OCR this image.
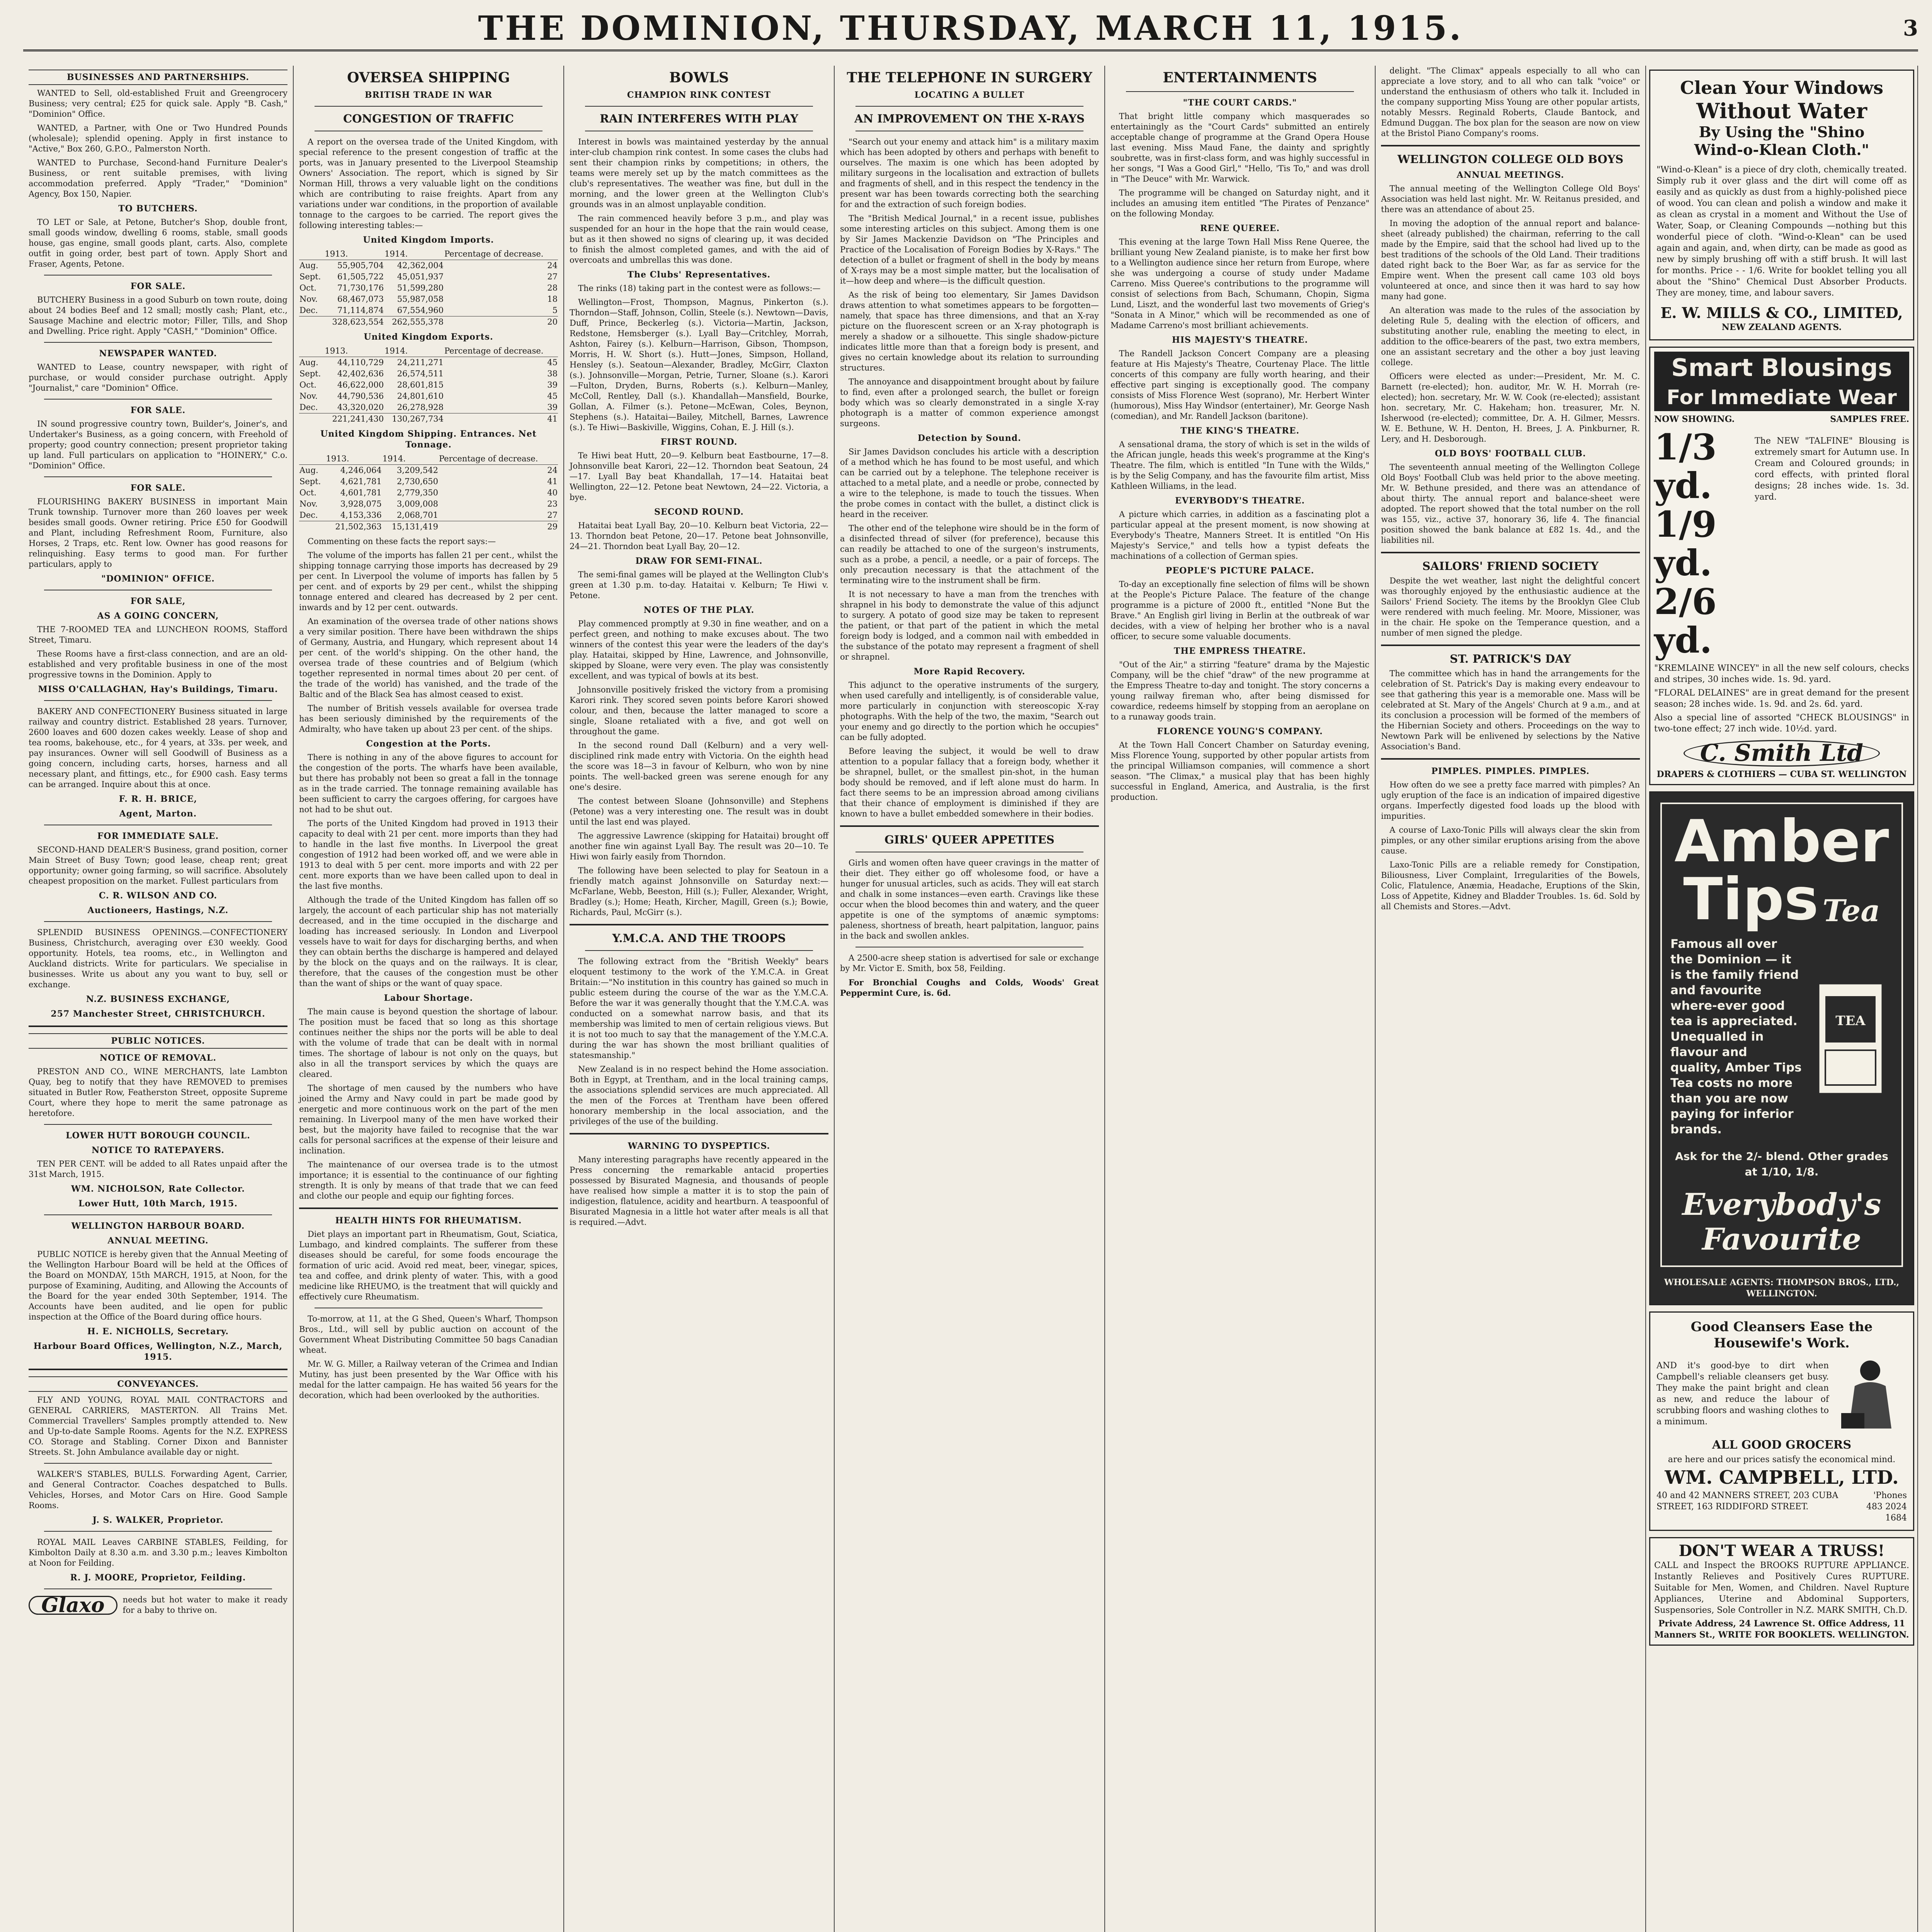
THE DOMINION, THURSDAY, MARCH 11, 1915.	3
BUSINESSES AND PARTNERSHIPS.

WANTED to Sell, old-established Fruit and Greengrocery Business; very central; £25 for quick sale. Apply "B. Cash," "Dominion" Office.

WANTED, a Partner, with One or Two Hundred Pounds (wholesale); splendid opening. Apply in first instance to "Active," Box 260, G.P.O., Palmerston North.

WANTED to Purchase, Second-hand Furniture Dealer's Business, or rent suitable premises, with living accommodation preferred. Apply "Trader," "Dominion" Agency, Box 150, Napier.

TO BUTCHERS.

TO LET or Sale, at Petone, Butcher's Shop, double front, small goods window, dwelling 6 rooms, stable, small goods house, gas engine, small goods plant, carts. Also, complete outfit in going order, best part of town. Apply Short and Fraser, Agents, Petone.

FOR SALE.

BUTCHERY Business in a good Suburb on town route, doing about 24 bodies Beef and 12 small; mostly cash; Plant, etc., Sausage Machine and electric motor; Filler, Tills, and Shop and Dwelling. Price right. Apply "CASH," "Dominion" Office.

NEWSPAPER WANTED.

WANTED to Lease, country newspaper, with right of purchase, or would consider purchase outright. Apply "Journalist," care "Dominion" Office.

FOR SALE.

IN sound progressive country town, Builder's, Joiner's, and Undertaker's Business, as a going concern, with Freehold of property; good country connection; present proprietor taking up land. Full particulars on application to "HOINERY," C.o. "Dominion" Office.

FOR SALE.

FLOURISHING BAKERY BUSINESS in important Main Trunk township. Turnover more than 260 loaves per week besides small goods. Owner retiring. Price £50 for Goodwill and Plant, including Refreshment Room, Furniture, also Horses, 2 Traps, etc. Rent low. Owner has good reasons for relinquishing. Easy terms to good man. For further particulars, apply to

"DOMINION" OFFICE.
FOR SALE,
AS A GOING CONCERN,

THE 7-ROOMED TEA and LUNCHEON ROOMS, Stafford Street, Timaru.

These Rooms have a first-class connection, and are an old-established and very profitable business in one of the most progressive towns in the Dominion. Apply to

MISS O'CALLAGHAN, Hay's Buildings, Timaru.

BAKERY AND CONFECTIONERY Business situated in large railway and country district. Established 28 years. Turnover, 2600 loaves and 600 dozen cakes weekly. Lease of shop and tea rooms, bakehouse, etc., for 4 years, at 33s. per week, and pay insurances. Owner will sell Goodwill of Business as a going concern, including carts, horses, harness and all necessary plant, and fittings, etc., for £900 cash. Easy terms can be arranged. Inquire about this at once.

F. R. H. BRICE,
Agent, Marton.
FOR IMMEDIATE SALE.

SECOND-HAND DEALER'S Business, grand position, corner Main Street of Busy Town; good lease, cheap rent; great opportunity; owner going farming, so will sacrifice. Absolutely cheapest proposition on the market. Fullest particulars from

C. R. WILSON AND CO.
Auctioneers, Hastings, N.Z.

SPLENDID BUSINESS OPENINGS.—CONFECTIONERY Business, Christchurch, averaging over £30 weekly. Good opportunity. Hotels, tea rooms, etc., in Wellington and Auckland districts. Write for particulars. We specialise in businesses. Write us about any you want to buy, sell or exchange.

N.Z. BUSINESS EXCHANGE,
257 Manchester Street, CHRISTCHURCH.
PUBLIC NOTICES.
NOTICE OF REMOVAL.

PRESTON AND CO., WINE MERCHANTS, late Lambton Quay, beg to notify that they have REMOVED to premises situated in Butler Row, Featherston Street, opposite Supreme Court, where they hope to merit the same patronage as heretofore.

LOWER HUTT BOROUGH COUNCIL.
NOTICE TO RATEPAYERS.

TEN PER CENT. will be added to all Rates unpaid after the 31st March, 1915.

WM. NICHOLSON, Rate Collector.
Lower Hutt, 10th March, 1915.
WELLINGTON HARBOUR BOARD.
ANNUAL MEETING.

PUBLIC NOTICE is hereby given that the Annual Meeting of the Wellington Harbour Board will be held at the Offices of the Board on MONDAY, 15th MARCH, 1915, at Noon, for the purpose of Examining, Auditing, and Allowing the Accounts of the Board for the year ended 30th September, 1914. The Accounts have been audited, and lie open for public inspection at the Office of the Board during office hours.

H. E. NICHOLLS, Secretary.
Harbour Board Offices, Wellington, N.Z., March, 1915.
CONVEYANCES.

FLY AND YOUNG, ROYAL MAIL CONTRACTORS and GENERAL CARRIERS, MASTERTON. All Trains Met. Commercial Travellers' Samples promptly attended to. New and Up-to-date Sample Rooms. Agents for the N.Z. EXPRESS CO. Storage and Stabling. Corner Dixon and Bannister Streets. St. John Ambulance available day or night.

WALKER'S STABLES, BULLS. Forwarding Agent, Carrier, and General Contractor. Coaches despatched to Bulls. Vehicles, Horses, and Motor Cars on Hire. Good Sample Rooms.

J. S. WALKER, Proprietor.

ROYAL MAIL Leaves CARBINE STABLES, Feilding, for Kimbolton Daily at 8.30 a.m. and 3.30 p.m.; leaves Kimbolton at Noon for Feilding.

R. J. MOORE, Proprietor, Feilding.
Glaxo	needs but hot water to make it ready for a baby to thrive on.
OVERSEA SHIPPING
BRITISH TRADE IN WAR
CONGESTION OF TRAFFIC

A report on the oversea trade of the United Kingdom, with special reference to the present congestion of traffic at the ports, was in January presented to the Liverpool Steamship Owners' Association. The report, which is signed by Sir Norman Hill, throws a very valuable light on the conditions which are contributing to raise freights. Apart from any variations under war conditions, in the proportion of available tonnage to the cargoes to be carried. The report gives the following interesting tables:—

United Kingdom Imports.
	1913.	1914.	Percentage of decrease.
Aug.	55,905,704	42,362,004	24
Sept.	61,505,722	45,051,937	27
Oct.	71,730,176	51,599,280	28
Nov.	68,467,073	55,987,058	18
Dec.	71,114,874	67,554,960	5
	328,623,554	262,555,378	20
United Kingdom Exports.
	1913.	1914.	Percentage of decrease.
Aug.	44,110,729	24,211,271	45
Sept.	42,402,636	26,574,511	38
Oct.	46,622,000	28,601,815	39
Nov.	44,790,536	24,801,610	45
Dec.	43,320,020	26,278,928	39
	221,241,430	130,267,734	41
United Kingdom Shipping. Entrances. Net Tonnage.
	1913.	1914.	Percentage of decrease.
Aug.	4,246,064	3,209,542	24
Sept.	4,621,781	2,730,650	41
Oct.	4,601,781	2,779,350	40
Nov.	3,928,075	3,009,008	23
Dec.	4,153,336	2,068,701	27
	21,502,363	15,131,419	29

Commenting on these facts the report says:—

The volume of the imports has fallen 21 per cent., whilst the shipping tonnage carrying those imports has decreased by 29 per cent. In Liverpool the volume of imports has fallen by 5 per cent. and of exports by 29 per cent., whilst the shipping tonnage entered and cleared has decreased by 2 per cent. inwards and by 12 per cent. outwards.

An examination of the oversea trade of other nations shows a very similar position. There have been withdrawn the ships of Germany, Austria, and Hungary, which represent about 14 per cent. of the world's shipping. On the other hand, the oversea trade of these countries and of Belgium (which together represented in normal times about 20 per cent. of the trade of the world) has vanished, and the trade of the Baltic and of the Black Sea has almost ceased to exist.

The number of British vessels available for oversea trade has been seriously diminished by the requirements of the Admiralty, who have taken up about 23 per cent. of the ships.

Congestion at the Ports.

There is nothing in any of the above figures to account for the congestion of the ports. The wharfs have been available, but there has probably not been so great a fall in the tonnage as in the trade carried. The tonnage remaining available has been sufficient to carry the cargoes offering, for cargoes have not had to be shut out.

The ports of the United Kingdom had proved in 1913 their capacity to deal with 21 per cent. more imports than they had to handle in the last five months. In Liverpool the great congestion of 1912 had been worked off, and we were able in 1913 to deal with 5 per cent. more imports and with 22 per cent. more exports than we have been called upon to deal in the last five months.

Although the trade of the United Kingdom has fallen off so largely, the account of each particular ship has not materially decreased, and in the time occupied in the discharge and loading has increased seriously. In London and Liverpool vessels have to wait for days for discharging berths, and when they can obtain berths the discharge is hampered and delayed by the block on the quays and on the railways. It is clear, therefore, that the causes of the congestion must be other than the want of ships or the want of quay space.

Labour Shortage.

The main cause is beyond question the shortage of labour. The position must be faced that so long as this shortage continues neither the ships nor the ports will be able to deal with the volume of trade that can be dealt with in normal times. The shortage of labour is not only on the quays, but also in all the transport services by which the quays are cleared.

The shortage of men caused by the numbers who have joined the Army and Navy could in part be made good by energetic and more continuous work on the part of the men remaining. In Liverpool many of the men have worked their best, but the majority have failed to recognise that the war calls for personal sacrifices at the expense of their leisure and inclination.

The maintenance of our oversea trade is to the utmost importance; it is essential to the continuance of our fighting strength. It is only by means of that trade that we can feed and clothe our people and equip our fighting forces.

HEALTH HINTS FOR RHEUMATISM.

Diet plays an important part in Rheumatism, Gout, Sciatica, Lumbago, and kindred complaints. The sufferer from these diseases should be careful, for some foods encourage the formation of uric acid. Avoid red meat, beer, vinegar, spices, tea and coffee, and drink plenty of water. This, with a good medicine like RHEUMO, is the treatment that will quickly and effectively cure Rheumatism.

To-morrow, at 11, at the G Shed, Queen's Wharf, Thompson Bros., Ltd., will sell by public auction on account of the Government Wheat Distributing Committee 50 bags Canadian wheat.

Mr. W. G. Miller, a Railway veteran of the Crimea and Indian Mutiny, has just been presented by the War Office with his medal for the latter campaign. He has waited 56 years for the decoration, which had been overlooked by the authorities.

BOWLS
CHAMPION RINK CONTEST
RAIN INTERFERES WITH PLAY

Interest in bowls was maintained yesterday by the annual inter-club champion rink contest. In some cases the clubs had sent their champion rinks by competitions; in others, the teams were merely set up by the match committees as the club's representatives. The weather was fine, but dull in the morning, and the lower green at the Wellington Club's grounds was in an almost unplayable condition.

The rain commenced heavily before 3 p.m., and play was suspended for an hour in the hope that the rain would cease, but as it then showed no signs of clearing up, it was decided to finish the almost completed games, and with the aid of overcoats and umbrellas this was done.

The Clubs' Representatives.

The rinks (18) taking part in the contest were as follows:—

Wellington—Frost, Thompson, Magnus, Pinkerton (s.). Thorndon—Staff, Johnson, Collin, Steele (s.). Newtown—Davis, Duff, Prince, Beckerleg (s.). Victoria—Martin, Jackson, Redstone, Hemsberger (s.). Lyall Bay—Critchley, Morrah, Ashton, Fairey (s.). Kelburn—Harrison, Gibson, Thompson, Morris, H. W. Short (s.). Hutt—Jones, Simpson, Holland, Hensley (s.). Seatoun—Alexander, Bradley, McGirr, Claxton (s.). Johnsonville—Morgan, Petrie, Turner, Sloane (s.). Karori—Fulton, Dryden, Burns, Roberts (s.). Kelburn—Manley, McColl, Rentley, Dall (s.). Khandallah—Mansfield, Bourke, Gollan, A. Filmer (s.). Petone—McEwan, Coles, Beynon, Stephens (s.). Hataitai—Bailey, Mitchell, Barnes, Lawrence (s.). Te Hiwi—Baskiville, Wiggins, Cohan, E. J. Hill (s.).

FIRST ROUND.

Te Hiwi beat Hutt, 20—9. Kelburn beat Eastbourne, 17—8. Johnsonville beat Karori, 22—12. Thorndon beat Seatoun, 24—17. Lyall Bay beat Khandallah, 17—14. Hataitai beat Wellington, 22—12. Petone beat Newtown, 24—22. Victoria, a bye.

SECOND ROUND.

Hataitai beat Lyall Bay, 20—10. Kelburn beat Victoria, 22—13. Thorndon beat Petone, 20—17. Petone beat Johnsonville, 24—21. Thorndon beat Lyall Bay, 20—12.

DRAW FOR SEMI-FINAL.

The semi-final games will be played at the Wellington Club's green at 1.30 p.m. to-day. Hataitai v. Kelburn; Te Hiwi v. Petone.

NOTES OF THE PLAY.

Play commenced promptly at 9.30 in fine weather, and on a perfect green, and nothing to make excuses about. The two winners of the contest this year were the leaders of the day's play. Hataitai, skipped by Hine, Lawrence, and Johnsonville, skipped by Sloane, were very even. The play was consistently excellent, and was typical of bowls at its best.

Johnsonville positively frisked the victory from a promising Karori rink. They scored seven points before Karori showed colour, and then, because the latter managed to score a single, Sloane retaliated with a five, and got well on throughout the game.

In the second round Dall (Kelburn) and a very well-disciplined rink made entry with Victoria. On the eighth head the score was 18—3 in favour of Kelburn, who won by nine points. The well-backed green was serene enough for any one's desire.

The contest between Sloane (Johnsonville) and Stephens (Petone) was a very interesting one. The result was in doubt until the last end was played.

The aggressive Lawrence (skipping for Hataitai) brought off another fine win against Lyall Bay. The result was 20—10. Te Hiwi won fairly easily from Thorndon.

The following have been selected to play for Seatoun in a friendly match against Johnsonville on Saturday next:—McFarlane, Webb, Beeston, Hill (s.); Fuller, Alexander, Wright, Bradley (s.); Home; Heath, Kircher, Magill, Green (s.); Bowie, Richards, Paul, McGirr (s.).

Y.M.C.A. AND THE TROOPS

The following extract from the "British Weekly" bears eloquent testimony to the work of the Y.M.C.A. in Great Britain:—"No institution in this country has gained so much in public esteem during the course of the war as the Y.M.C.A. Before the war it was generally thought that the Y.M.C.A. was conducted on a somewhat narrow basis, and that its membership was limited to men of certain religious views. But it is not too much to say that the management of the Y.M.C.A. during the war has shown the most brilliant qualities of statesmanship."

New Zealand is in no respect behind the Home association. Both in Egypt, at Trentham, and in the local training camps, the associations splendid services are much appreciated. All the men of the Forces at Trentham have been offered honorary membership in the local association, and the privileges of the use of the building.

WARNING TO DYSPEPTICS.

Many interesting paragraphs have recently appeared in the Press concerning the remarkable antacid properties possessed by Bisurated Magnesia, and thousands of people have realised how simple a matter it is to stop the pain of indigestion, flatulence, acidity and heartburn. A teaspoonful of Bisurated Magnesia in a little hot water after meals is all that is required.—Advt.

THE TELEPHONE IN SURGERY
LOCATING A BULLET
AN IMPROVEMENT ON THE X-RAYS

"Search out your enemy and attack him" is a military maxim which has been adopted by others and perhaps with benefit to ourselves. The maxim is one which has been adopted by military surgeons in the localisation and extraction of bullets and fragments of shell, and in this respect the tendency in the present war has been towards correcting both the searching for and the extraction of such foreign bodies.

The "British Medical Journal," in a recent issue, publishes some interesting articles on this subject. Among them is one by Sir James Mackenzie Davidson on "The Principles and Practice of the Localisation of Foreign Bodies by X-Rays." The detection of a bullet or fragment of shell in the body by means of X-rays may be a most simple matter, but the localisation of it—how deep and where—is the difficult question.

As the risk of being too elementary, Sir James Davidson draws attention to what sometimes appears to be forgotten—namely, that space has three dimensions, and that an X-ray picture on the fluorescent screen or an X-ray photograph is merely a shadow or a silhouette. This single shadow-picture indicates little more than that a foreign body is present, and gives no certain knowledge about its relation to surrounding structures.

The annoyance and disappointment brought about by failure to find, even after a prolonged search, the bullet or foreign body which was so clearly demonstrated in a single X-ray photograph is a matter of common experience amongst surgeons.

Detection by Sound.

Sir James Davidson concludes his article with a description of a method which he has found to be most useful, and which can be carried out by a telephone. The telephone receiver is attached to a metal plate, and a needle or probe, connected by a wire to the telephone, is made to touch the tissues. When the probe comes in contact with the bullet, a distinct click is heard in the receiver.

The other end of the telephone wire should be in the form of a disinfected thread of silver (for preference), because this can readily be attached to one of the surgeon's instruments, such as a probe, a pencil, a needle, or a pair of forceps. The only precaution necessary is that the attachment of the terminating wire to the instrument shall be firm.

It is not necessary to have a man from the trenches with shrapnel in his body to demonstrate the value of this adjunct to surgery. A potato of good size may be taken to represent the patient, or that part of the patient in which the metal foreign body is lodged, and a common nail with embedded in the substance of the potato may represent a fragment of shell or shrapnel.

More Rapid Recovery.

This adjunct to the operative instruments of the surgery, when used carefully and intelligently, is of considerable value, more particularly in conjunction with stereoscopic X-ray photographs. With the help of the two, the maxim, "Search out your enemy and go directly to the portion which he occupies" can be fully adopted.

Before leaving the subject, it would be well to draw attention to a popular fallacy that a foreign body, whether it be shrapnel, bullet, or the smallest pin-shot, in the human body should be removed, and if left alone must do harm. In fact there seems to be an impression abroad among civilians that their chance of employment is diminished if they are known to have a bullet embedded somewhere in their bodies.

GIRLS' QUEER APPETITES

Girls and women often have queer cravings in the matter of their diet. They either go off wholesome food, or have a hunger for unusual articles, such as acids. They will eat starch and chalk in some instances—even earth. Cravings like these occur when the blood becomes thin and watery, and the queer appetite is one of the symptoms of anæmic symptoms: paleness, shortness of breath, heart palpitation, languor, pains in the back and swollen ankles.

A 2500-acre sheep station is advertised for sale or exchange by Mr. Victor E. Smith, box 58, Feilding.

For Bronchial Coughs and Colds, Woods' Great Peppermint Cure, is. 6d.

ENTERTAINMENTS
"THE COURT CARDS."

That bright little company which masquerades so entertainingly as the "Court Cards" submitted an entirely acceptable change of programme at the Grand Opera House last evening. Miss Maud Fane, the dainty and sprightly soubrette, was in first-class form, and was highly successful in her songs, "I Was a Good Girl," "Hello, 'Tis To," and was droll in "The Deuce" with Mr. Warwick.

The programme will be changed on Saturday night, and it includes an amusing item entitled "The Pirates of Penzance" on the following Monday.

RENE QUEREE.

This evening at the large Town Hall Miss Rene Queree, the brilliant young New Zealand pianiste, is to make her first bow to a Wellington audience since her return from Europe, where she was undergoing a course of study under Madame Carreno. Miss Queree's contributions to the programme will consist of selections from Bach, Schumann, Chopin, Sigma Lund, Liszt, and the wonderful last two movements of Grieg's "Sonata in A Minor," which will be recommended as one of Madame Carreno's most brilliant achievements.

HIS MAJESTY'S THEATRE.

The Randell Jackson Concert Company are a pleasing feature at His Majesty's Theatre, Courtenay Place. The little concerts of this company are fully worth hearing, and their effective part singing is exceptionally good. The company consists of Miss Florence West (soprano), Mr. Herbert Winter (humorous), Miss Hay Windsor (entertainer), Mr. George Nash (comedian), and Mr. Randell Jackson (baritone).

THE KING'S THEATRE.

A sensational drama, the story of which is set in the wilds of the African jungle, heads this week's programme at the King's Theatre. The film, which is entitled "In Tune with the Wilds," is by the Selig Company, and has the favourite film artist, Miss Kathleen Williams, in the lead.

EVERYBODY'S THEATRE.

A picture which carries, in addition as a fascinating plot a particular appeal at the present moment, is now showing at Everybody's Theatre, Manners Street. It is entitled "On His Majesty's Service," and tells how a typist defeats the machinations of a collection of German spies.

PEOPLE'S PICTURE PALACE.

To-day an exceptionally fine selection of films will be shown at the People's Picture Palace. The feature of the change programme is a picture of 2000 ft., entitled "None But the Brave." An English girl living in Berlin at the outbreak of war decides, with a view of helping her brother who is a naval officer, to secure some valuable documents.

THE EMPRESS THEATRE.

"Out of the Air," a stirring "feature" drama by the Majestic Company, will be the chief "draw" of the new programme at the Empress Theatre to-day and tonight. The story concerns a young railway fireman who, after being dismissed for cowardice, redeems himself by stopping from an aeroplane on to a runaway goods train.

FLORENCE YOUNG'S COMPANY.

At the Town Hall Concert Chamber on Saturday evening, Miss Florence Young, supported by other popular artists from the principal Williamson companies, will commence a short season. "The Climax," a musical play that has been highly successful in England, America, and Australia, is the first production.

delight. "The Climax" appeals especially to all who can appreciate a love story, and to all who can talk "voice" or understand the enthusiasm of others who talk it. Included in the company supporting Miss Young are other popular artists, notably Messrs. Reginald Roberts, Claude Bantock, and Edmund Duggan. The box plan for the season are now on view at the Bristol Piano Company's rooms.

WELLINGTON COLLEGE OLD BOYS
ANNUAL MEETINGS.

The annual meeting of the Wellington College Old Boys' Association was held last night. Mr. W. Reitanus presided, and there was an attendance of about 25.

In moving the adoption of the annual report and balance-sheet (already published) the chairman, referring to the call made by the Empire, said that the school had lived up to the best traditions of the schools of the Old Land. Their traditions dated right back to the Boer War, as far as service for the Empire went. When the present call came 103 old boys volunteered at once, and since then it was hard to say how many had gone.

An alteration was made to the rules of the association by deleting Rule 5, dealing with the election of officers, and substituting another rule, enabling the meeting to elect, in addition to the office-bearers of the past, two extra members, one an assistant secretary and the other a boy just leaving college.

Officers were elected as under:—President, Mr. M. C. Barnett (re-elected); hon. auditor, Mr. W. H. Morrah (re-elected); hon. secretary, Mr. W. W. Cook (re-elected); assistant hon. secretary, Mr. C. Hakeham; hon. treasurer, Mr. N. Isherwood (re-elected); committee, Dr. A. H. Gilmer, Messrs. W. E. Bethune, W. H. Denton, H. Brees, J. A. Pinkburner, R. Lery, and H. Desborough.

OLD BOYS' FOOTBALL CLUB.

The seventeenth annual meeting of the Wellington College Old Boys' Football Club was held prior to the above meeting. Mr. W. Bethune presided, and there was an attendance of about thirty. The annual report and balance-sheet were adopted. The report showed that the total number on the roll was 155, viz., active 37, honorary 36, life 4. The financial position showed the bank balance at £82 1s. 4d., and the liabilities nil.

SAILORS' FRIEND SOCIETY

Despite the wet weather, last night the delightful concert was thoroughly enjoyed by the enthusiastic audience at the Sailors' Friend Society. The items by the Brooklyn Glee Club were rendered with much feeling. Mr. Moore, Missioner, was in the chair. He spoke on the Temperance question, and a number of men signed the pledge.

ST. PATRICK'S DAY

The committee which has in hand the arrangements for the celebration of St. Patrick's Day is making every endeavour to see that gathering this year is a memorable one. Mass will be celebrated at St. Mary of the Angels' Church at 9 a.m., and at its conclusion a procession will be formed of the members of the Hibernian Society and others. Proceedings on the way to Newtown Park will be enlivened by selections by the Native Association's Band.

PIMPLES. PIMPLES. PIMPLES.

How often do we see a pretty face marred with pimples? An ugly eruption of the face is an indication of impaired digestive organs. Imperfectly digested food loads up the blood with impurities.

A course of Laxo-Tonic Pills will always clear the skin from pimples, or any other similar eruptions arising from the above cause.

Laxo-Tonic Pills are a reliable remedy for Constipation, Biliousness, Liver Complaint, Irregularities of the Bowels, Colic, Flatulence, Anæmia, Headache, Eruptions of the Skin, Loss of Appetite, Kidney and Bladder Troubles. 1s. 6d. Sold by all Chemists and Stores.—Advt.

Clean Your Windows
Without Water
By Using the "Shino
Wind-o-Klean Cloth."
"Wind-o-Klean" is a piece of dry cloth, chemically treated. Simply rub it over glass and the dirt will come off as easily and as quickly as dust from a highly-polished piece of wood. You can clean and polish a window and make it as clean as crystal in a moment and Without the Use of Water, Soap, or Cleaning Compounds —nothing but this wonderful piece of cloth. "Wind-o-Klean" can be used again and again, and, when dirty, can be made as good as new by simply brushing off with a stiff brush. It will last for months. Price - - 1/6. Write for booklet telling you all about the "Shino" Chemical Dust Absorber Products. They are money, time, and labour savers.
E. W. MILLS & CO., LIMITED,
NEW ZEALAND AGENTS.
Smart Blousings
For Immediate Wear
NOW SHOWING.	SAMPLES FREE.
1/3 yd.
1/9 yd.
2/6 yd.
The NEW "TALFINE" Blousing is extremely smart for Autumn use. In Cream and Coloured grounds; in cord effects, with printed floral designs; 28 inches wide. 1s. 3d. yard.
"KREMLAINE WINCEY" in all the new self colours, checks and stripes, 30 inches wide. 1s. 9d. yard.
"FLORAL DELAINES" are in great demand for the present season; 28 inches wide. 1s. 9d. and 2s. 6d. yard.
Also a special line of assorted "CHECK BLOUSINGS" in two-tone effect; 27 inch wide. 10½d. yard.
C. Smith Ltd
DRAPERS & CLOTHIERS — CUBA ST. WELLINGTON
Amber
Tips Tea
Famous all over the Dominion — it is the family friend and favourite where-ever good tea is appreciated. Unequalled in flavour and quality, Amber Tips Tea costs no more than you are now paying for inferior brands.
TEA
Ask for the 2/- blend. Other grades at 1/10, 1/8.
Everybody's
Favourite
WHOLESALE AGENTS: THOMPSON BROS., LTD., WELLINGTON.
Good Cleansers Ease the Housewife's Work.
AND it's good-bye to dirt when Campbell's reliable cleansers get busy. They make the paint bright and clean as new, and reduce the labour of scrubbing floors and washing clothes to a minimum.
ALL GOOD GROCERS
are here and our prices satisfy the economical mind.
WM. CAMPBELL, LTD.
40 and 42 MANNERS STREET, 203 CUBA STREET, 163 RIDDIFORD STREET.
'Phones 483 2024 1684
DON'T WEAR A TRUSS!
CALL and Inspect the BROOKS RUPTURE APPLIANCE. Instantly Relieves and Positively Cures RUPTURE. Suitable for Men, Women, and Children. Navel Rupture Appliances, Uterine and Abdominal Supporters, Suspensories, Sole Controller in N.Z. MARK SMITH, Ch.D.
Private Address, 24 Lawrence St. Office Address, 11 Manners St., WRITE FOR BOOKLETS. WELLINGTON.
